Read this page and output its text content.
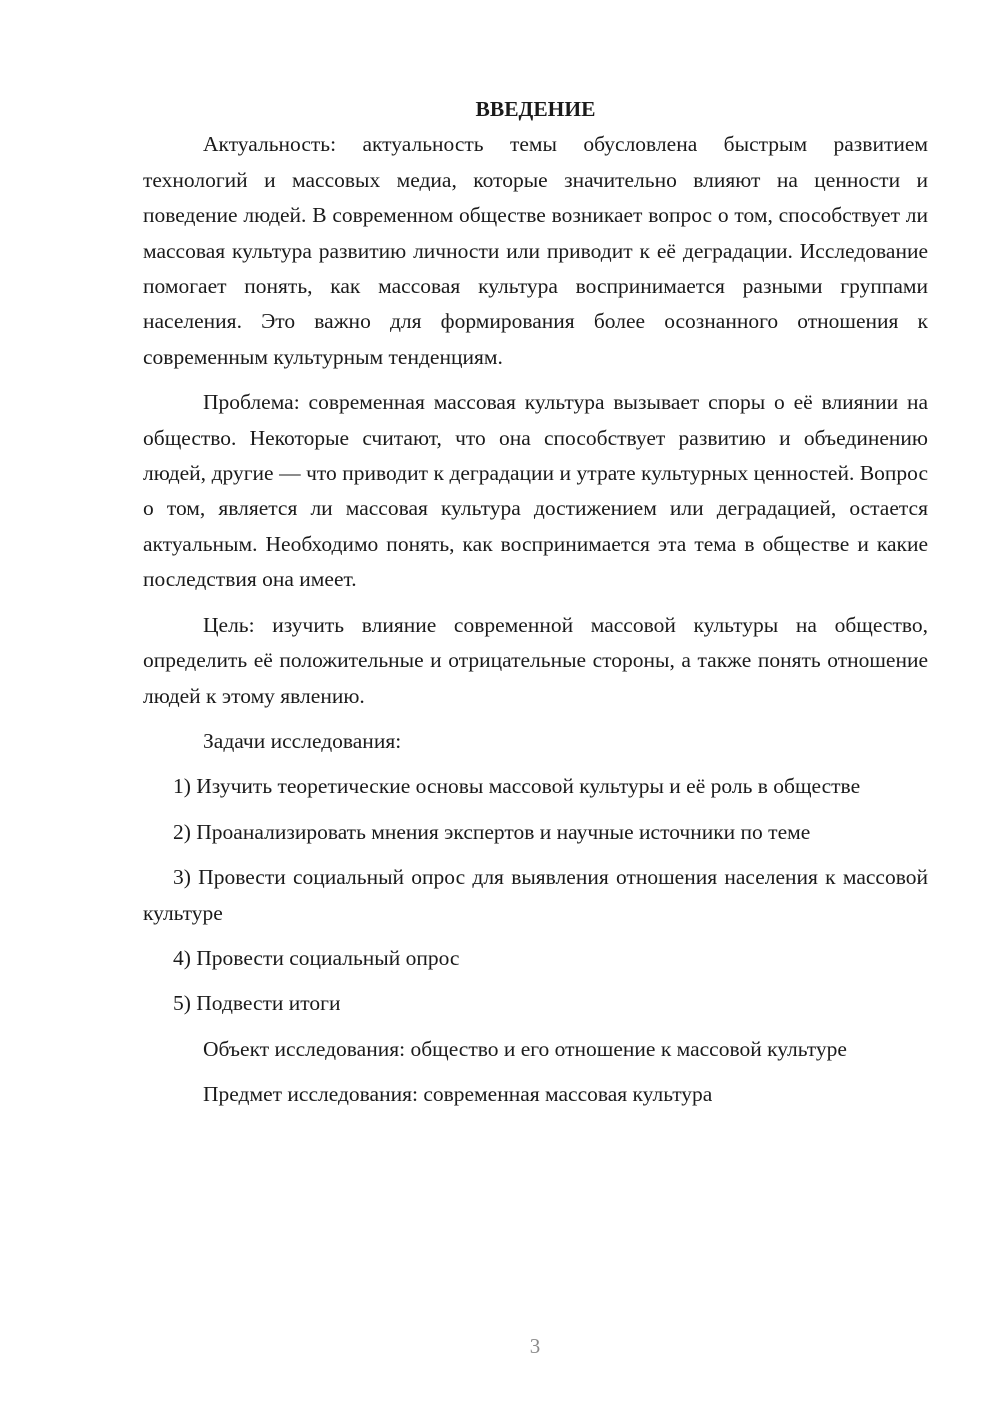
ВВЕДЕНИЕ

Актуальность: актуальность темы обусловлена быстрым развитием технологий и массовых медиа, которые значительно влияют на ценности и поведение людей. В современном обществе возникает вопрос о том, способствует ли массовая культура развитию личности или приводит к её деградации. Исследование помогает понять, как массовая культура воспринимается разными группами населения. Это важно для формирования более осознанного отношения к современным культурным тенденциям.

Проблема: современная массовая культура вызывает споры о её влиянии на общество. Некоторые считают, что она способствует развитию и объединению людей, другие — что приводит к деградации и утрате культурных ценностей. Вопрос о том, является ли массовая культура достижением или деградацией, остается актуальным. Необходимо понять, как воспринимается эта тема в обществе и какие последствия она имеет.

Цель: изучить влияние современной массовой культуры на общество, определить её положительные и отрицательные стороны, а также понять отношение людей к этому явлению.

Задачи исследования:

1) Изучить теоретические основы массовой культуры и её роль в обществе

2) Проанализировать мнения экспертов и научные источники по теме

3) Провести социальный опрос для выявления отношения населения к массовой культуре

4) Провести социальный опрос

5) Подвести итоги

Объект исследования: общество и его отношение к массовой культуре

Предмет исследования: современная массовая культура

3
